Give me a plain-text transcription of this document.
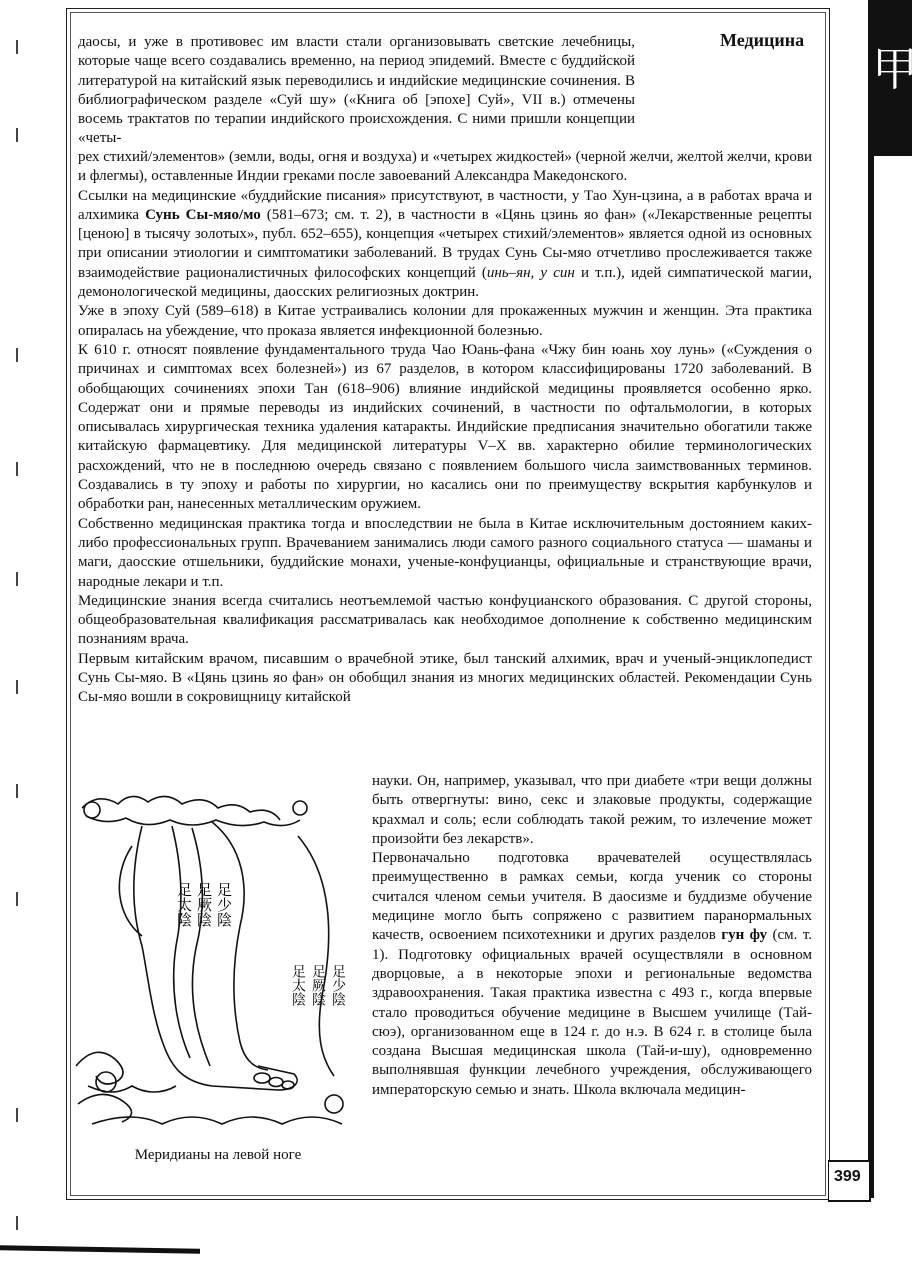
甲
399
Медицина

даосы, и уже в противовес им власти стали организовывать светские лечебницы, которые чаще всего создавались временно, на период эпидемий. Вместе с буддийской литературой на китайский язык переводились и индийские медицинские сочинения. В библиографическом разделе «Суй шу» («Книга об [эпохе] Суй», VII в.) отмечены восемь трактатов по терапии индийского происхождения. С ними пришли концепции «четы-

рех стихий/элементов» (земли, воды, огня и воздуха) и «четырех жидкостей» (черной желчи, желтой желчи, крови и флегмы), оставленные Индии греками после завоеваний Александра Македонского.

Ссылки на медицинские «буддийские писания» присутствуют, в частности, у Тао Хун-цзина, а в работах врача и алхимика Сунь Сы-мяо/мо (581–673; см. т. 2), в частности в «Цянь цзинь яо фан» («Лекарственные рецепты [ценою] в тысячу золотых», публ. 652–655), концепция «четырех стихий/элементов» является одной из основных при описании этиологии и симптоматики заболеваний. В трудах Сунь Сы-мяо отчетливо прослеживается также взаимодействие рационалистичных философских концепций (инь–ян, у син и т.п.), идей симпатической магии, демонологической медицины, даосских религиозных доктрин.

Уже в эпоху Суй (589–618) в Китае устраивались колонии для прокаженных мужчин и женщин. Эта практика опиралась на убеждение, что проказа является инфекционной болезнью.

К 610 г. относят появление фундаментального труда Чао Юань-фана «Чжу бин юань хоу лунь» («Суждения о причинах и симптомах всех болезней») из 67 разделов, в котором классифицированы 1720 заболеваний. В обобщающих сочинениях эпохи Тан (618–906) влияние индийской медицины проявляется особенно ярко. Содержат они и прямые переводы из индийских сочинений, в частности по офтальмологии, в которых описывалась хирургическая техника удаления катаракты. Индийские предписания значительно обогатили также китайскую фармацевтику. Для медицинской литературы V–X вв. характерно обилие терминологических расхождений, что не в последнюю очередь связано с появлением большого числа заимствованных терминов. Создавались в ту эпоху и работы по хирургии, но касались они по преимуществу вскрытия карбункулов и обработки ран, нанесенных металлическим оружием.

Собственно медицинская практика тогда и впоследствии не была в Китае исключительным достоянием каких-либо профессиональных групп. Врачеванием занимались люди самого разного социального статуса — шаманы и маги, даосские отшельники, буддийские монахи, ученые-конфуцианцы, официальные и странствующие врачи, народные лекари и т.п.

Медицинские знания всегда считались неотъемлемой частью конфуцианского образования. С другой стороны, общеобразовательная квалификация рассматривалась как необходимое дополнение к собственно медицинским познаниям врача.

Первым китайским врачом, писавшим о врачебной этике, был танский алхимик, врач и ученый-энциклопедист Сунь Сы-мяо. В «Цянь цзинь яо фан» он обобщил знания из многих медицинских областей. Рекомендации Сунь Сы-мяо вошли в сокровищницу китайской

науки. Он, например, указывал, что при диабете «три вещи должны быть отвергнуты: вино, секс и злаковые продукты, содержащие крахмал и соль; если соблюдать такой режим, то излечение может произойти без лекарств».

Первоначально подготовка врачевателей осуществлялась преимущественно в рамках семьи, когда ученик со стороны считался членом семьи учителя. В даосизме и буддизме обучение медицине могло быть сопряжено с развитием паранормальных качеств, освоением психотехники и других разделов гун фу (см. т. 1). Подготовку официальных врачей осуществляли в основном дворцовые, а в некоторые эпохи и региональные ведомства здравоохранения. Такая практика известна с 493 г., когда впервые стало проводиться обучение медицине в Высшем училище (Тай-сюэ), организованном еще в 124 г. до н.э. В 624 г. в столице была создана Высшая медицинская школа (Тай-и-шу), одновременно выполнявшая функции лечебного учреждения, обслуживающего императорскую семью и знать. Школа включала медицин-

足太陰 足厥陰 足少陰
足太陰 足厥陰 足少陰
Меридианы на левой ноге
